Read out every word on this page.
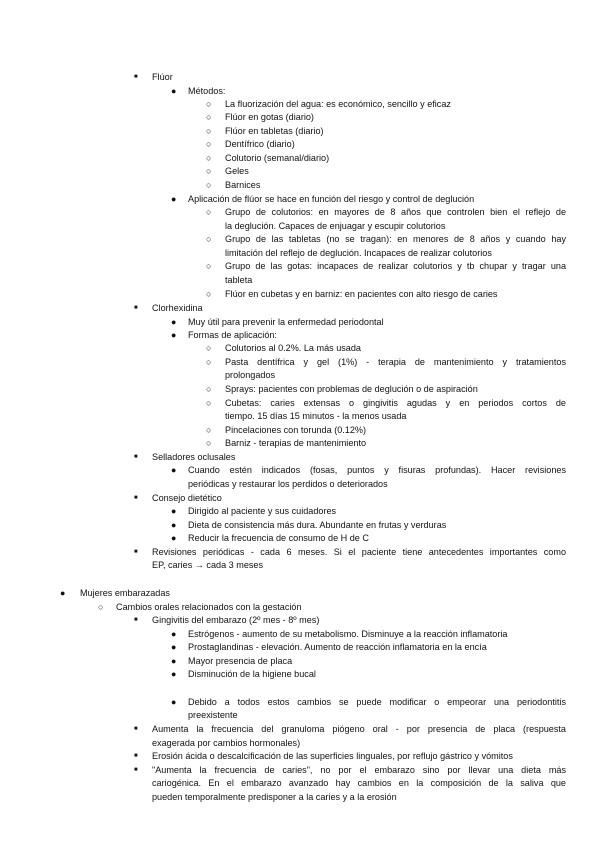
■ Flúor
● Métodos:
○ La fluorización del agua: es económico, sencillo y eficaz
○ Flúor en gotas (diario)
○ Flúor en tabletas (diario)
○ Dentífrico (diario)
○ Colutorio (semanal/diario)
○ Geles
○ Barnices
● Aplicación de flúor se hace en función del riesgo y control de deglución
○ Grupo de colutorios: en mayores de 8 años que controlen bien el reflejo de
la deglución. Capaces de enjuagar y escupir colutorios
○ Grupo de las tabletas (no se tragan): en menores de 8 años y cuando hay
limitación del reflejo de deglución. Incapaces de realizar colutorios
○ Grupo de las gotas: incapaces de realizar colutorios y tb chupar y tragar una
tableta
○ Flúor en cubetas y en barniz: en pacientes con alto riesgo de caries
■ Clorhexidina
● Muy útil para prevenir la enfermedad periodontal
● Formas de aplicación:
○ Colutorios al 0.2%. La más usada
○ Pasta dentífrica y gel (1%) - terapia de mantenimiento y tratamientos
prolongados
○ Sprays: pacientes con problemas de deglución o de aspiración
○ Cubetas: caries extensas o gingivitis agudas y en periodos cortos de
tiempo. 15 días 15 minutos - la menos usada
○ Pincelaciones con torunda (0.12%)
○ Barniz - terapias de mantenimiento
■ Selladores oclusales
● Cuando estén indicados (fosas, puntos y fisuras profundas). Hacer revisiones
periódicas y restaurar los perdidos o deteriorados
■ Consejo dietético
● Dirigido al paciente y sus cuidadores
● Dieta de consistencia más dura. Abundante en frutas y verduras
● Reducir la frecuencia de consumo de H de C
■ Revisiones periódicas - cada 6 meses. Si el paciente tiene antecedentes importantes como
EP, caries → cada 3 meses
● Mujeres embarazadas
○ Cambios orales relacionados con la gestación
■ Gingivitis del embarazo (2º mes - 8º mes)
● Estrógenos - aumento de su metabolismo. Disminuye a la reacción inflamatoria
● Prostaglandinas - elevación. Aumento de reacción inflamatoria en la encía
● Mayor presencia de placa
● Disminución de la higiene bucal
● Debido a todos estos cambios se puede modificar o empeorar una periodontitis
preexistente
■ Aumenta la frecuencia del granuloma piógeno oral - por presencia de placa (respuesta
exagerada por cambios hormonales)
■ Erosión ácida o descalcificación de las superficies linguales, por reflujo gástrico y vómitos
■ "Aumenta la frecuencia de caries", no por el embarazo sino por llevar una dieta más
cariogénica. En el embarazo avanzado hay cambios en la composición de la saliva que
pueden temporalmente predisponer a la caries y a la erosión
